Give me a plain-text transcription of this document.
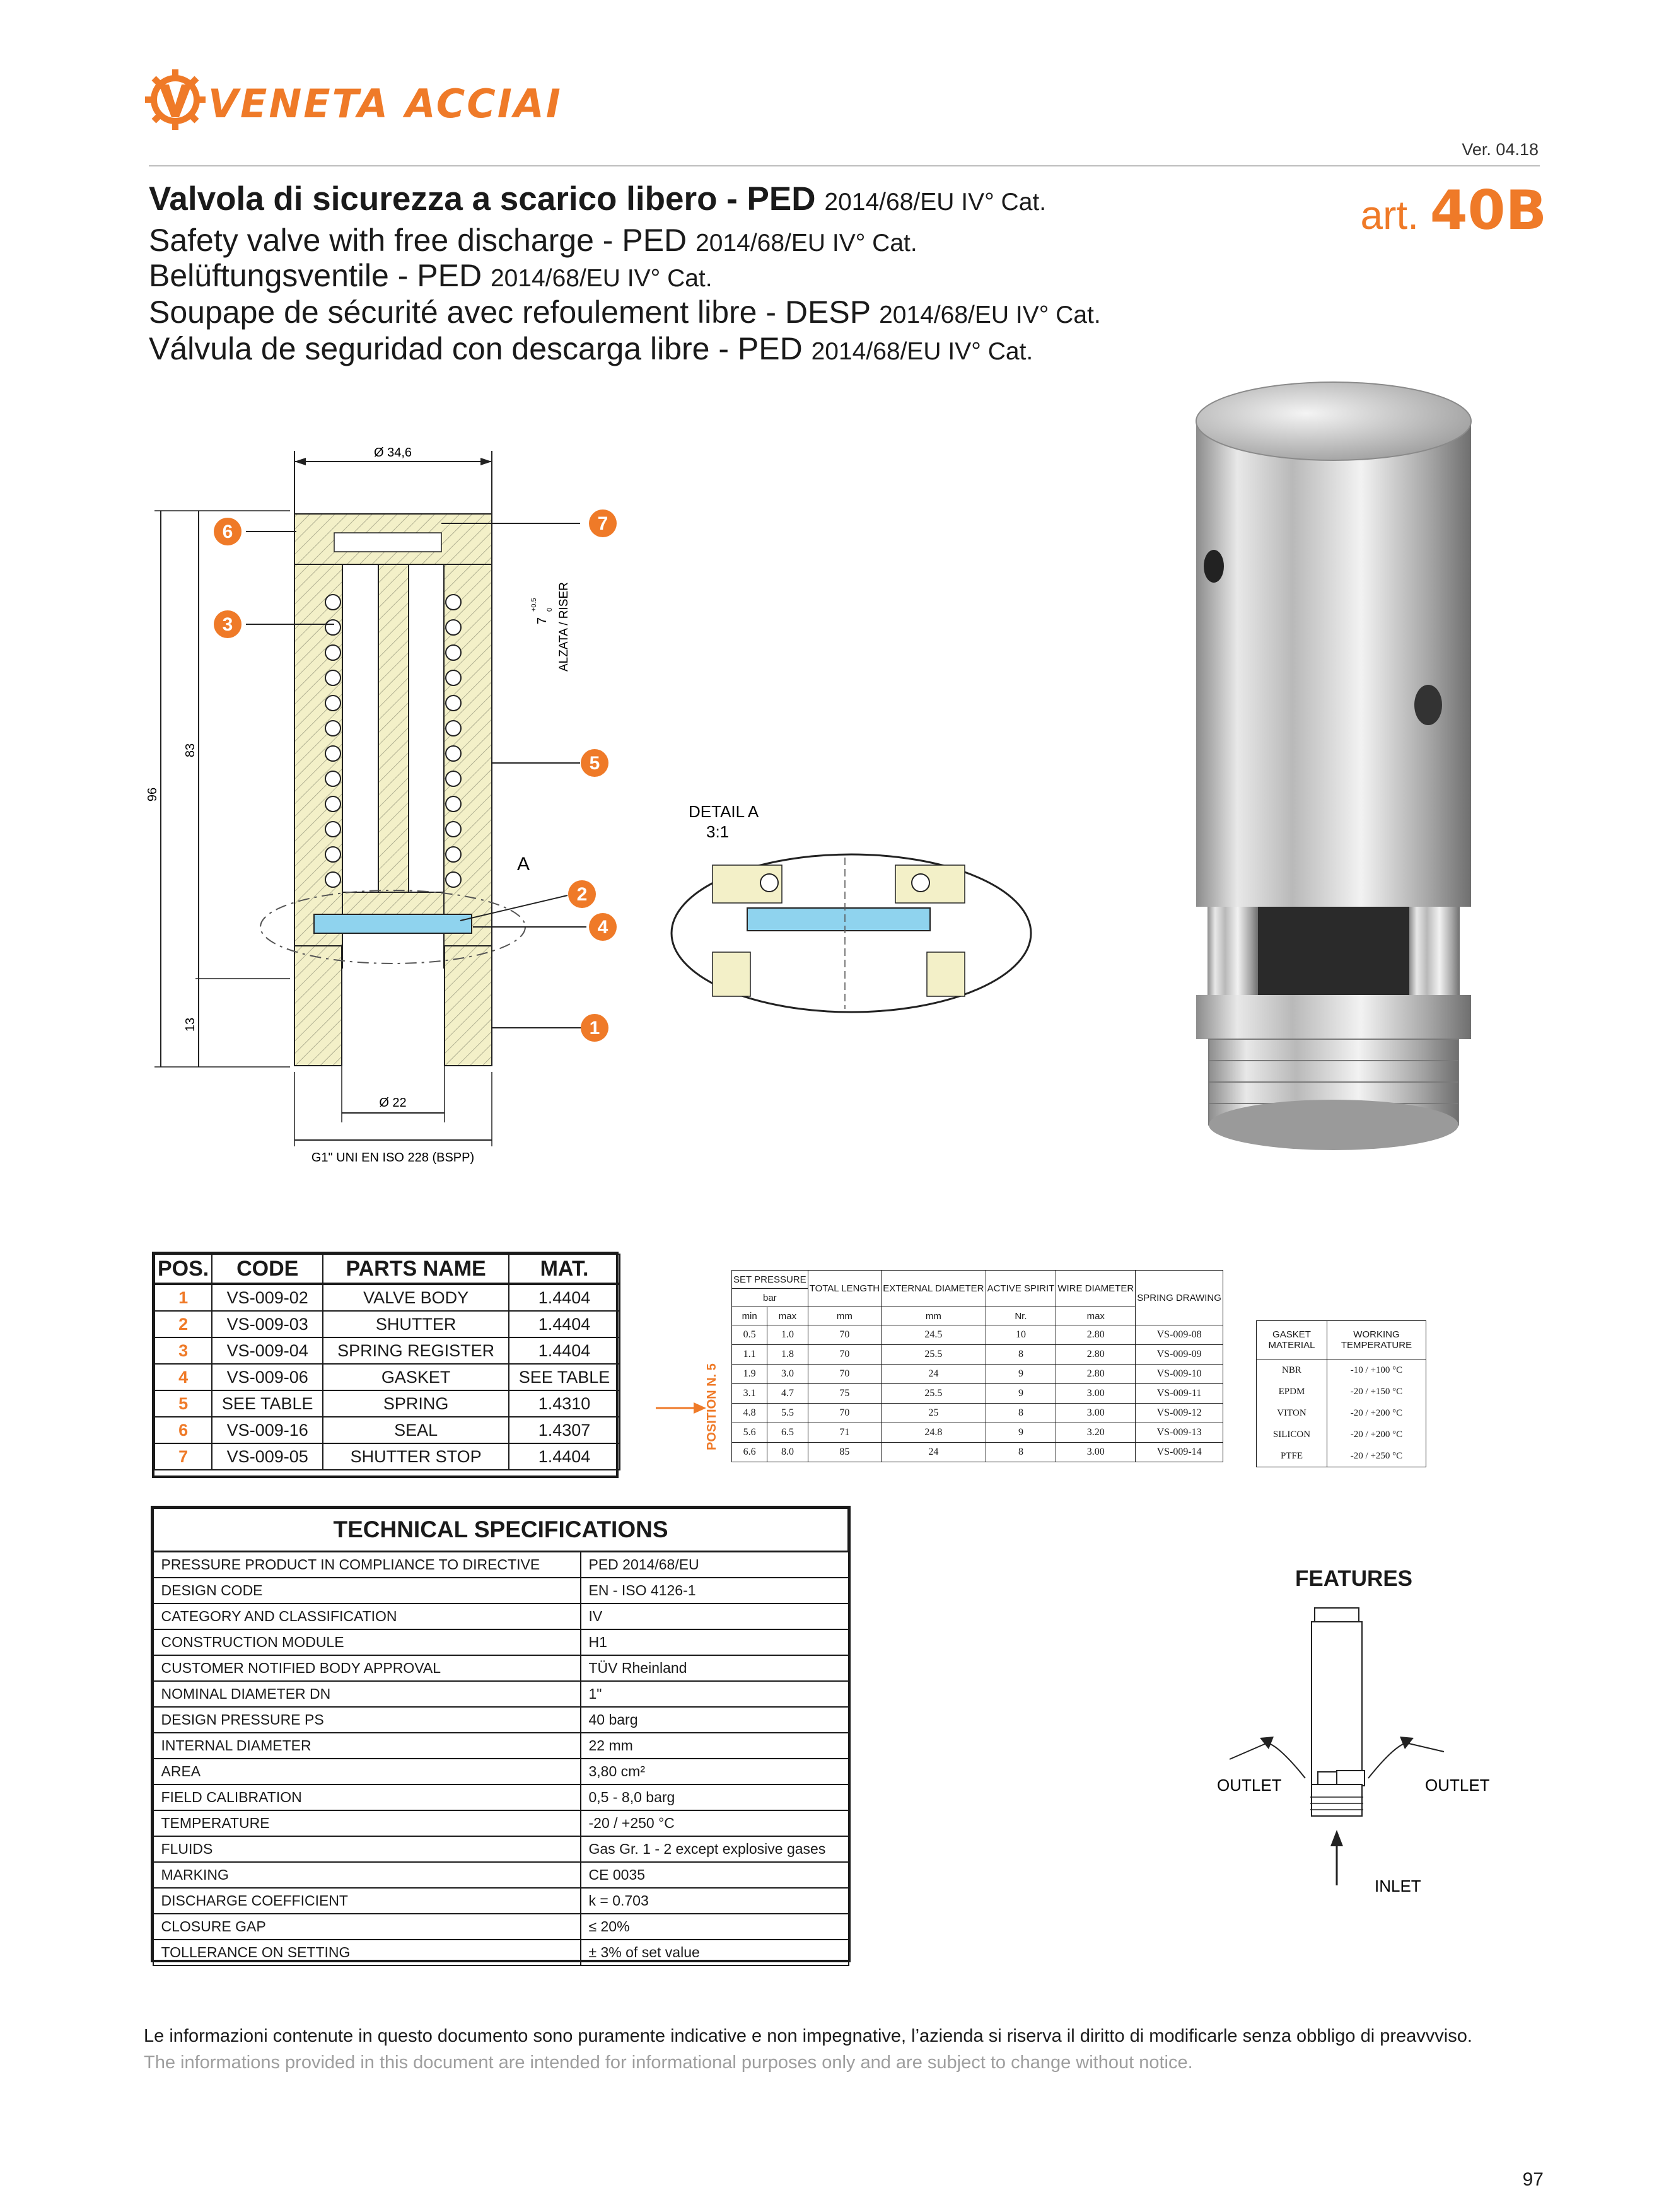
VENETA ACCIAI
Ver. 04.18
Valvola di sicurezza a scarico libero - PED 2014/68/EU IV° Cat.
Safety valve with free discharge - PED 2014/68/EU IV° Cat.
Belüftungsventile - PED 2014/68/EU IV° Cat.
Soupape de sécurité avec refoulement libre - DESP 2014/68/EU IV° Cat.
Válvula de seguridad con descarga libre - PED 2014/68/EU IV° Cat.
art. 40B
Ø 34,6
96
83
13
A
Ø 22
G1" UNI EN ISO 228 (BSPP)
ALZATA / RISER
7
+0.5 0
6
3
7
5
2
4
1
DETAIL A
3:1
POS.	CODE	PARTS NAME	MAT.
1	VS-009-02	VALVE BODY	1.4404
2	VS-009-03	SHUTTER	1.4404
3	VS-009-04	SPRING REGISTER	1.4404
4	VS-009-06	GASKET	SEE TABLE
5	SEE TABLE	SPRING	1.4310
6	VS-009-16	SEAL	1.4307
7	VS-009-05	SHUTTER STOP	1.4404
POSITION N. 5
SET PRESSURE		TOTAL LENGTH	EXTERNAL DIAMETER	ACTIVE SPIRIT	WIRE DIAMETER	SPRING DRAWING
bar						
min	max	mm	mm	Nr.	max	
0.5	1.0	70	24.5	10	2.80	VS-009-08
1.1	1.8	70	25.5	8	2.80	VS-009-09
1.9	3.0	70	24	9	2.80	VS-009-10
3.1	4.7	75	25.5	9	3.00	VS-009-11
4.8	5.5	70	25	8	3.00	VS-009-12
5.6	6.5	71	24.8	9	3.20	VS-009-13
6.6	8.0	85	24	8	3.00	VS-009-14
GASKET MATERIAL	WORKING TEMPERATURE
NBR	-10 / +100 °C
EPDM	-20 / +150 °C
VITON	-20 / +200 °C
SILICON	-20 / +200 °C
PTFE	-20 / +250 °C
TECHNICAL SPECIFICATIONS	
PRESSURE PRODUCT IN COMPLIANCE TO DIRECTIVE	PED 2014/68/EU
DESIGN CODE	EN - ISO 4126-1
CATEGORY AND CLASSIFICATION	IV
CONSTRUCTION MODULE	H1
CUSTOMER NOTIFIED BODY APPROVAL	TÜV Rheinland
NOMINAL DIAMETER DN	1"
DESIGN PRESSURE PS	40 barg
INTERNAL DIAMETER	22 mm
AREA	3,80 cm²
FIELD CALIBRATION	0,5 - 8,0 barg
TEMPERATURE	-20 / +250 °C
FLUIDS	Gas Gr. 1 - 2 except explosive gases
MARKING	CE 0035
DISCHARGE COEFFICIENT	k = 0.703
CLOSURE GAP	≤ 20%
TOLLERANCE ON SETTING	± 3% of set value
FEATURES
OUTLET	OUTLET
INLET
Le informazioni contenute in questo documento sono puramente indicative e non impegnative, l’azienda si riserva il diritto di modificarle senza obbligo di preavvviso.
The informations provided in this document are intended for informational purposes only and are subject to change without notice.
97
